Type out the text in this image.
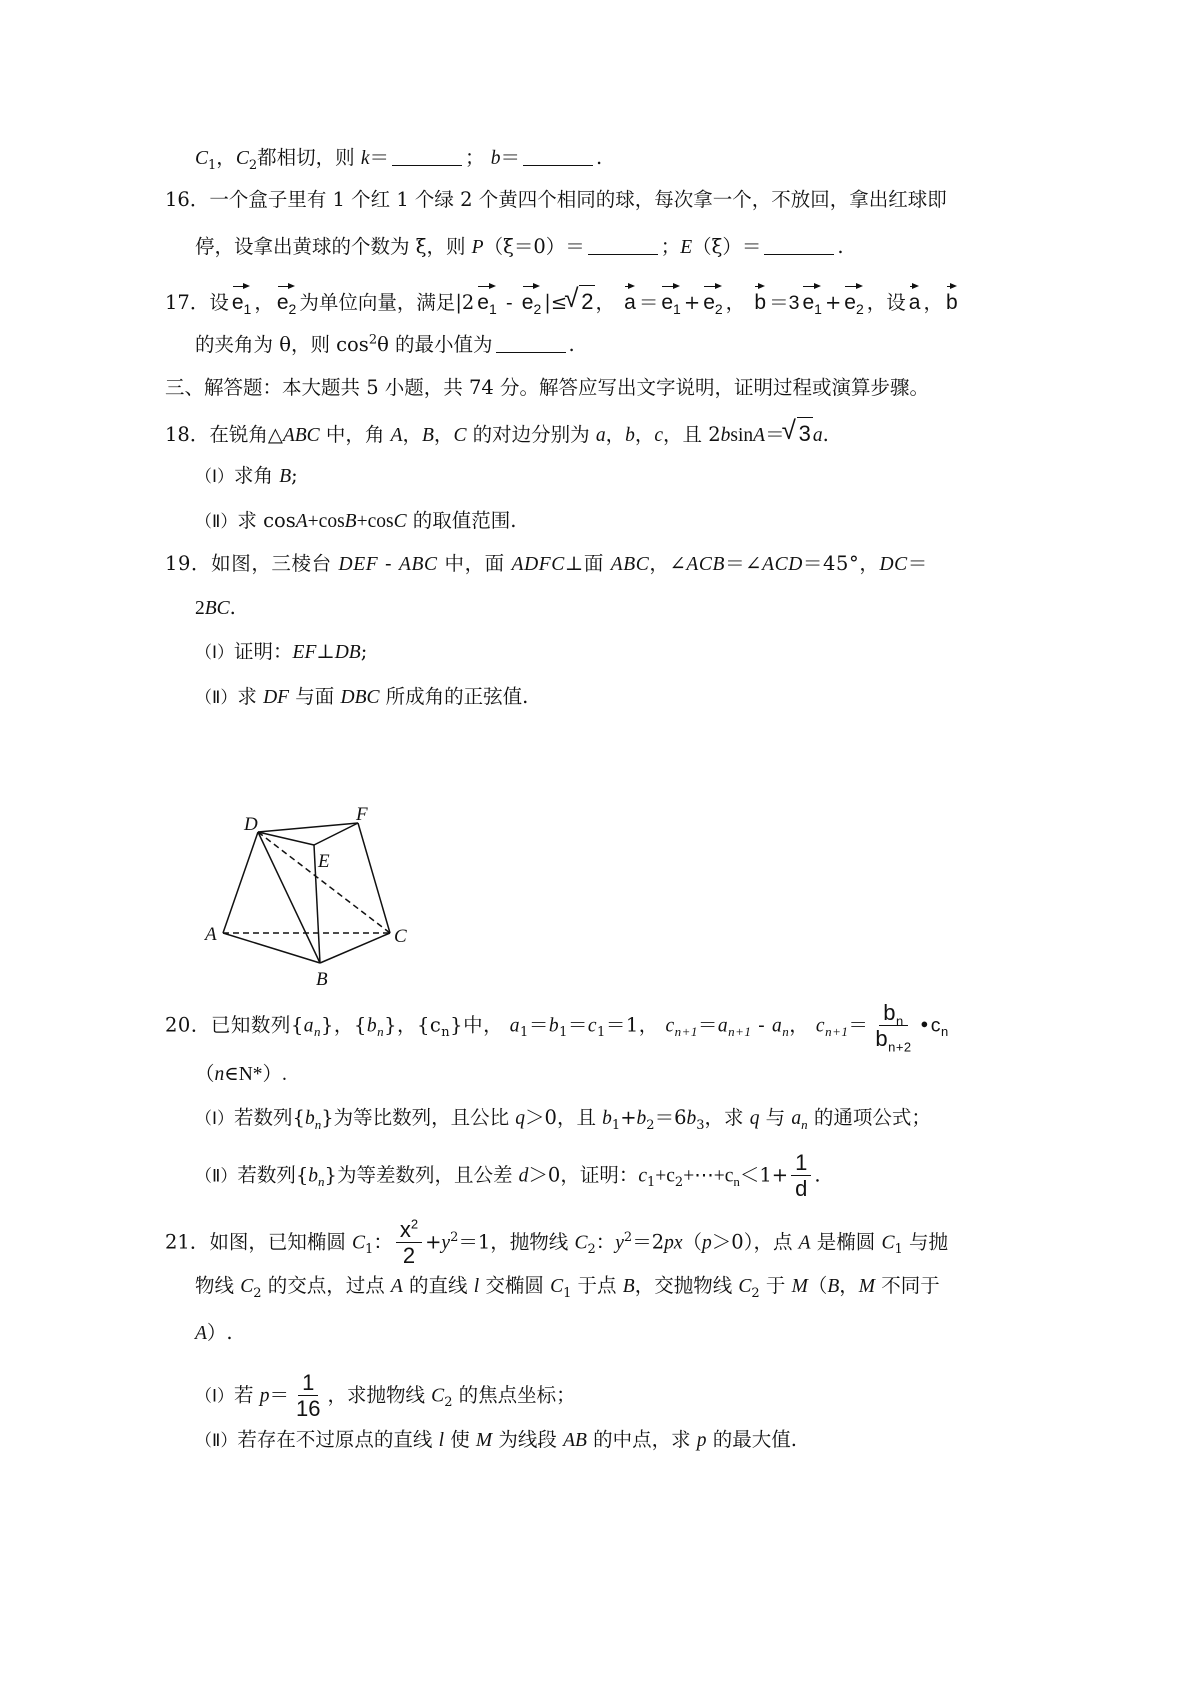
$C_1$，$C_2$都相切，则 k＝	； b＝	.
16．一个盒子里有 1 个红 1 个绿 2 个黄四个相同的球，每次拿一个，不放回，拿出红球即
停，设拿出黄球的个数为 ξ，则 P（ξ＝0）＝	；E（ξ）＝	.
17．设 $e_1$ ， $e_2$ 为单位向量，满足|2 $e_1$ ‑ $e_2$ |≤ √ 2 ， $a = e_1 + e_2$ ， b ＝3 $e_1 + e_2$ ，设 a ， b
的夹角为 θ，则 $\cos^2\theta$ 的最小值为	.
三、解答题：本大题共 5 小题，共 74 分。解答应写出文字说明，证明过程或演算步骤。
18．在锐角△ABC 中，角 A，B，C 的对边分别为 a，b，c，且 2bsinA＝ √ 3 a.
（Ⅰ）求角 B;
（Ⅱ）求 cosA+cosB+cosC 的取值范围.
19．如图，三棱台 DEF ‑ ABC 中，面 ADFC⊥面 ABC，∠ACB＝∠ACD＝45°，DC＝
2BC.
（Ⅰ）证明：EF⊥DB;
（Ⅱ）求 DF 与面 DBC 所成角的正弦值.
D	F
E
A	C
B
20．已知数列$\{a_n\}$，$\{b_n\}$，$\{c_n\}$中， $a_1=b_1=c_1=1$， $c_{n+1}=a_{n+1}$ ‑ $a_n$， $c_{n+1}= \frac{b_n}{b_{n+2}}$ $•c_n$
（n∈N*）.
（Ⅰ）若数列$\{b_n\}$为等比数列，且公比 q＞0，且 $b_1+b_2=6b_3$，求 q 与 $a_n$ 的通项公式；
（Ⅱ）若数列$\{b_n\}$为等差数列，且公差 d＞0，证明：$c_1+c_2+\cdots+c_n<1+ \frac{1}{d}$ .
21．如图，已知椭圆 $C_1$： $\frac{x^2}{2} +y^2=1$，抛物线 $C_2$：$y^2=2px(p>0)$，点 A 是椭圆 $C_1$ 与抛
物线 $C_2$ 的交点，过点 A 的直线 l 交椭圆 $C_1$ 于点 B，交抛物线 $C_2$ 于 M（B，M 不同于
A）.
（Ⅰ）若 $p= \frac{1}{16}$ ，求抛物线 $C_2$ 的焦点坐标；
（Ⅱ）若存在不过原点的直线 l 使 M 为线段 AB 的中点，求 p 的最大值.
